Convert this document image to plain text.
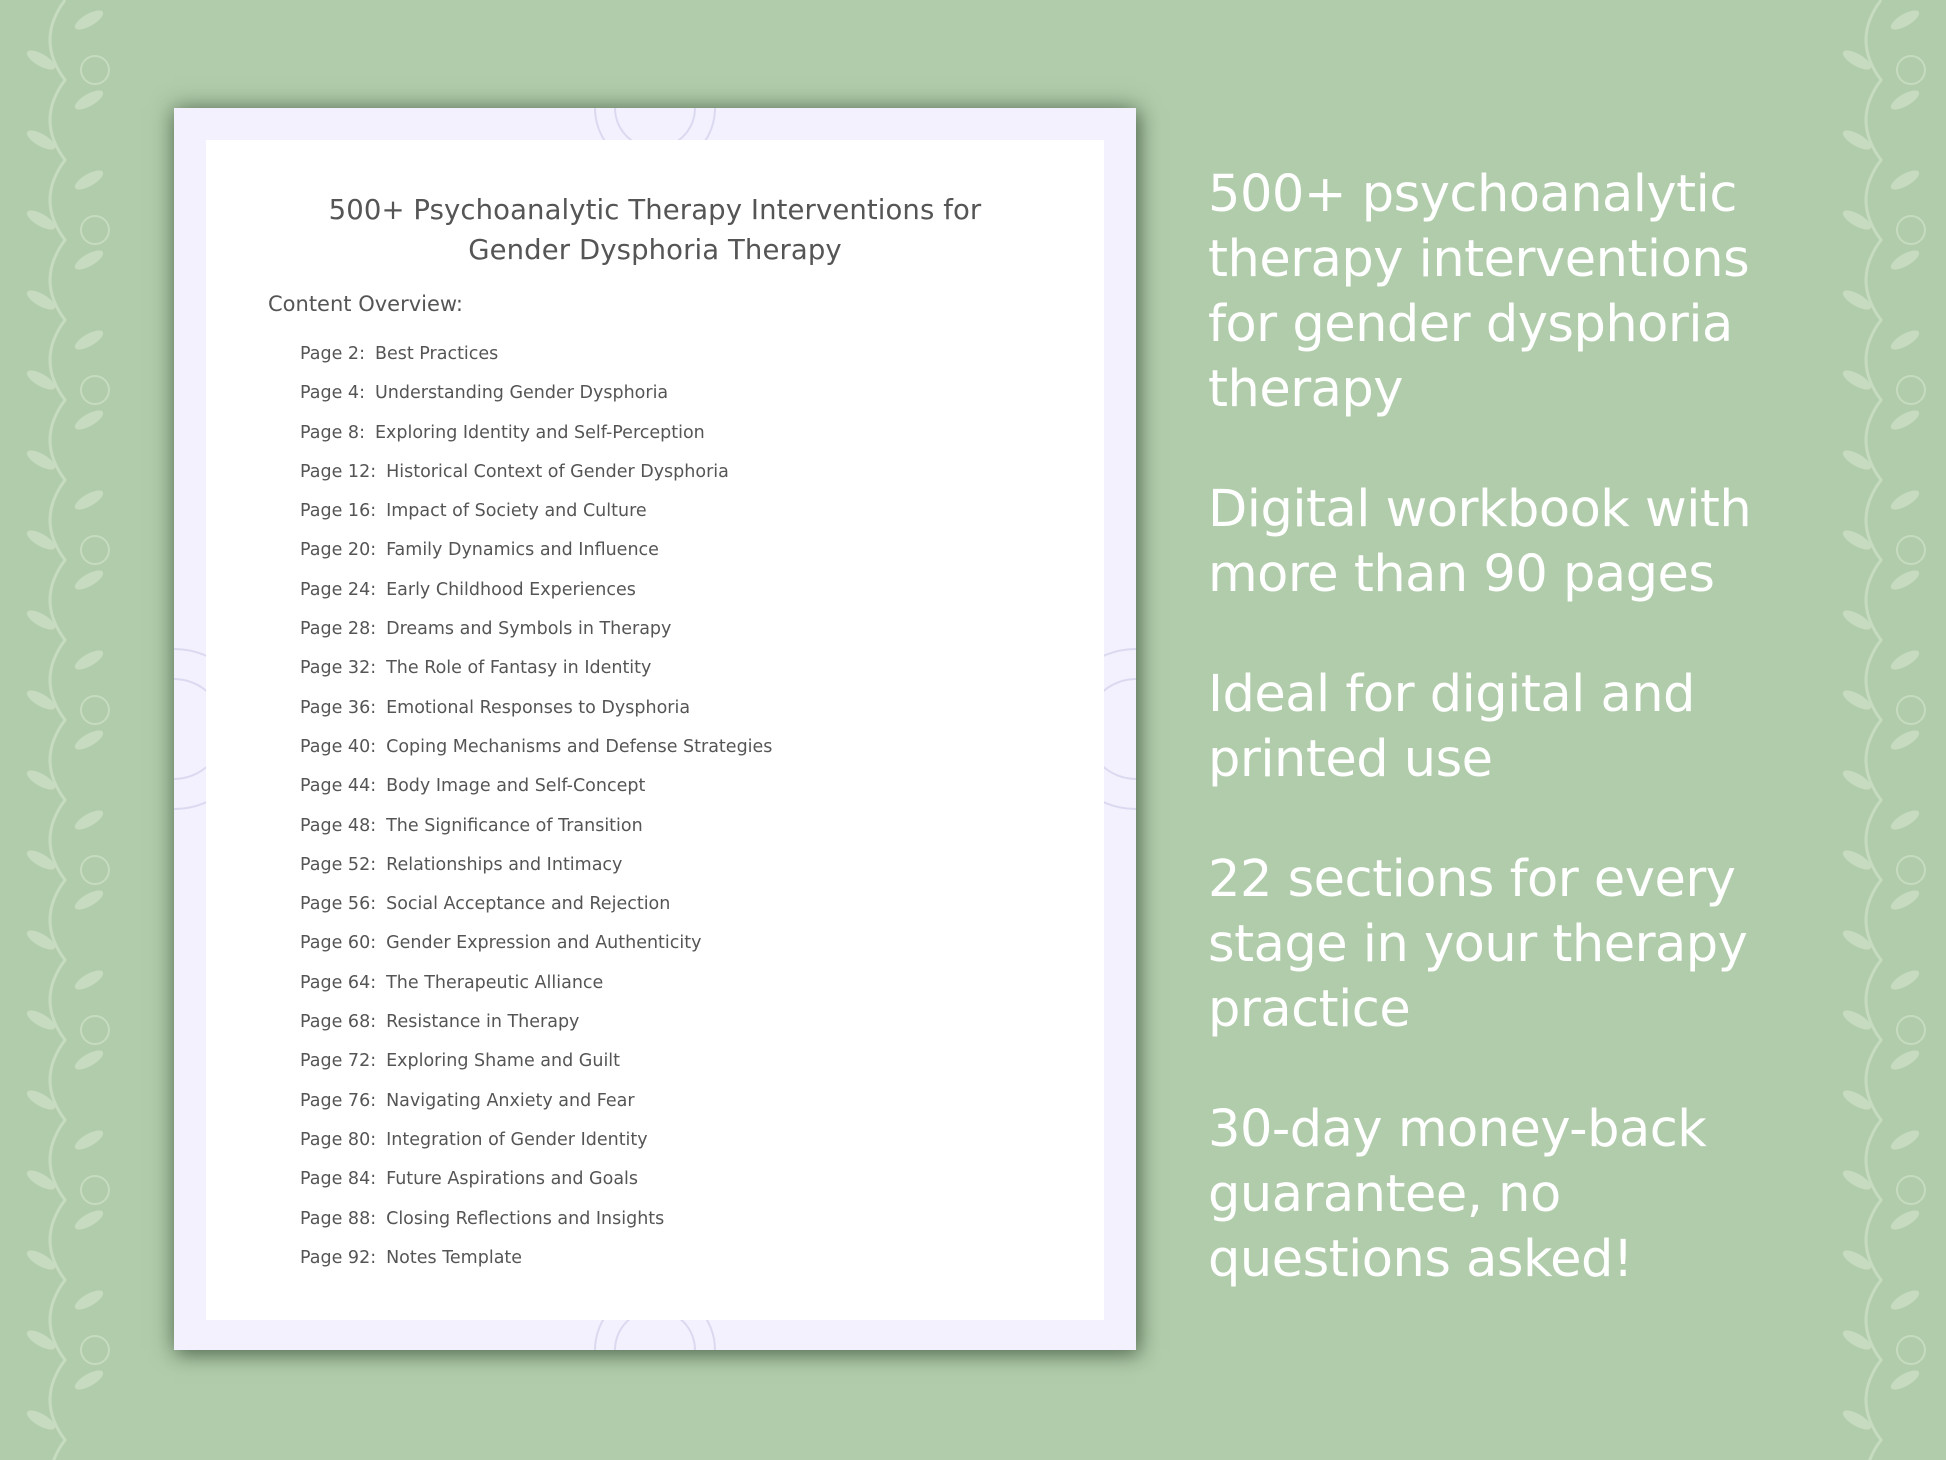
500+ Psychoanalytic Therapy Interventions for
Gender Dysphoria Therapy
Content Overview:
Page 2: Best Practices
Page 4: Understanding Gender Dysphoria
Page 8: Exploring Identity and Self-Perception
Page 12: Historical Context of Gender Dysphoria
Page 16: Impact of Society and Culture
Page 20: Family Dynamics and Influence
Page 24: Early Childhood Experiences
Page 28: Dreams and Symbols in Therapy
Page 32: The Role of Fantasy in Identity
Page 36: Emotional Responses to Dysphoria
Page 40: Coping Mechanisms and Defense Strategies
Page 44: Body Image and Self-Concept
Page 48: The Significance of Transition
Page 52: Relationships and Intimacy
Page 56: Social Acceptance and Rejection
Page 60: Gender Expression and Authenticity
Page 64: The Therapeutic Alliance
Page 68: Resistance in Therapy
Page 72: Exploring Shame and Guilt
Page 76: Navigating Anxiety and Fear
Page 80: Integration of Gender Identity
Page 84: Future Aspirations and Goals
Page 88: Closing Reflections and Insights
Page 92: Notes Template
500+ psychoanalytic
therapy interventions
for gender dysphoria
therapy
Digital workbook with
more than 90 pages
Ideal for digital and
printed use
22 sections for every
stage in your therapy
practice
30-day money-back
guarantee, no
questions asked!
